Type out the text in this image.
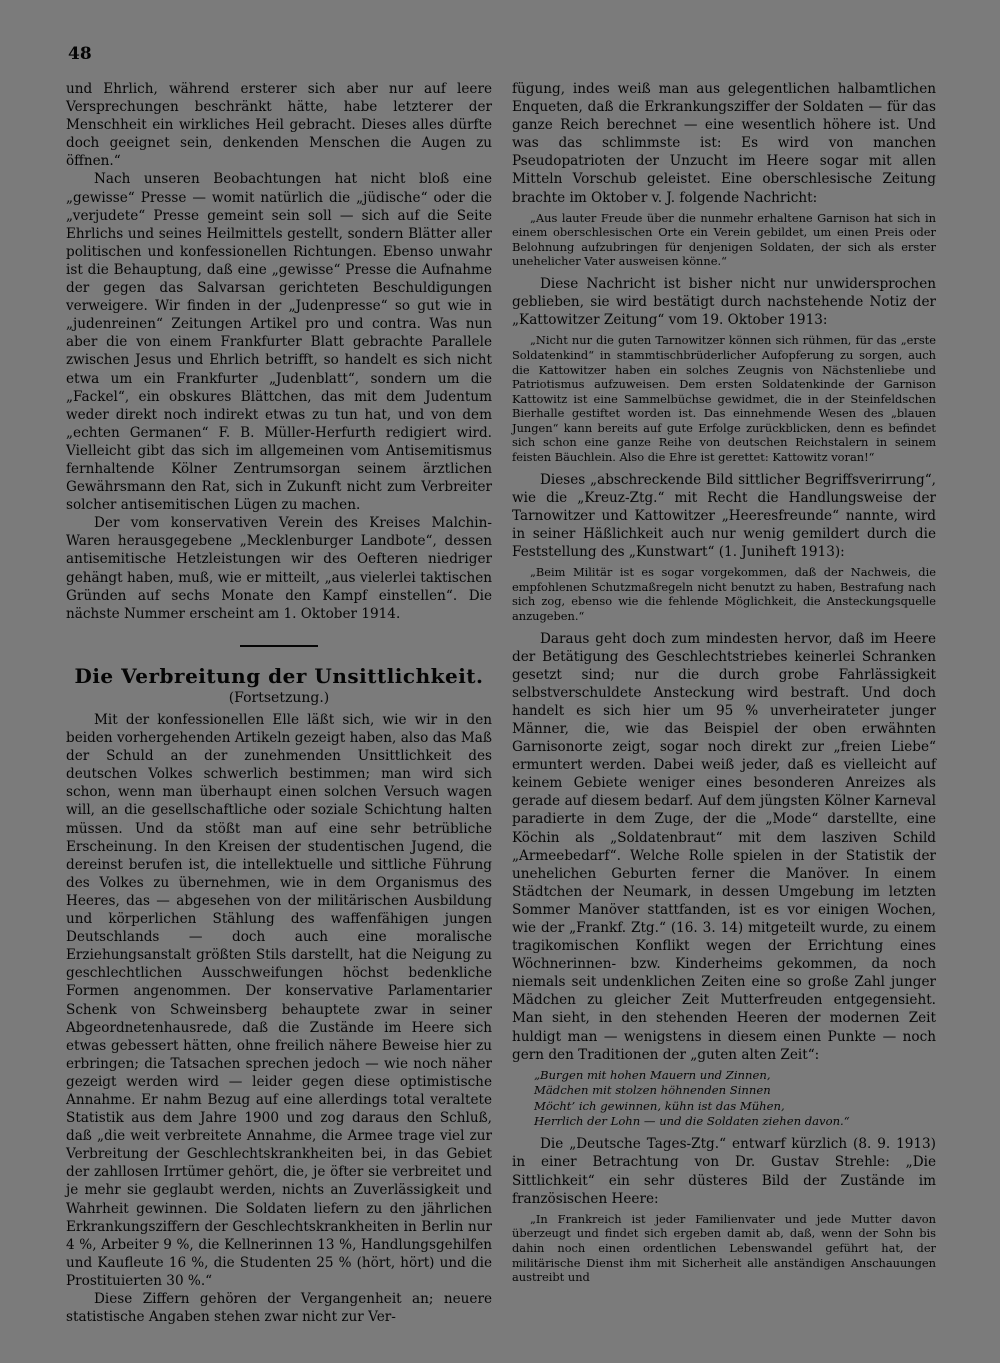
48

und Ehrlich, während ersterer sich aber nur auf leere Versprechungen beschränkt hätte, habe letzterer der Menschheit ein wirkliches Heil gebracht. Dieses alles dürfte doch geeignet sein, denkenden Menschen die Augen zu öffnen.“

Nach unseren Beobachtungen hat nicht bloß eine „gewisse“ Presse — womit natürlich die „jüdische“ oder die „verjudete“ Presse gemeint sein soll — sich auf die Seite Ehrlichs und seines Heilmittels gestellt, sondern Blätter aller politischen und konfessionellen Richtungen. Ebenso unwahr ist die Behauptung, daß eine „gewisse“ Presse die Aufnahme der gegen das Salvarsan gerichteten Beschuldigungen verweigere. Wir finden in der „Judenpresse“ so gut wie in „judenreinen“ Zeitungen Artikel pro und contra. Was nun aber die von einem Frankfurter Blatt gebrachte Parallele zwischen Jesus und Ehrlich betrifft, so handelt es sich nicht etwa um ein Frankfurter „Judenblatt“, sondern um die „Fackel“, ein obskures Blättchen, das mit dem Judentum weder direkt noch indirekt etwas zu tun hat, und von dem „echten Germanen“ F. B. Müller-Herfurth redigiert wird. Vielleicht gibt das sich im allgemeinen vom Antisemitismus fernhaltende Kölner Zentrumsorgan seinem ärztlichen Gewährsmann den Rat, sich in Zukunft nicht zum Verbreiter solcher antisemitischen Lügen zu machen.

Der vom konservativen Verein des Kreises Malchin-Waren herausgegebene „Mecklenburger Landbote“, dessen antisemitische Hetzleistungen wir des Oefteren niedriger gehängt haben, muß, wie er mitteilt, „aus vielerlei taktischen Gründen auf sechs Monate den Kampf einstellen“. Die nächste Nummer erscheint am 1. Oktober 1914.

Die Verbreitung der Unsittlichkeit.
(Fortsetzung.)

Mit der konfessionellen Elle läßt sich, wie wir in den beiden vorhergehenden Artikeln gezeigt haben, also das Maß der Schuld an der zunehmenden Unsittlichkeit des deutschen Volkes schwerlich bestimmen; man wird sich schon, wenn man überhaupt einen solchen Versuch wagen will, an die gesellschaftliche oder soziale Schichtung halten müssen. Und da stößt man auf eine sehr betrübliche Erscheinung. In den Kreisen der studentischen Jugend, die dereinst berufen ist, die intellektuelle und sittliche Führung des Volkes zu übernehmen, wie in dem Organismus des Heeres, das — abgesehen von der militärischen Ausbildung und körperlichen Stählung des waffenfähigen jungen Deutschlands — doch auch eine moralische Erziehungsanstalt größten Stils darstellt, hat die Neigung zu geschlechtlichen Ausschweifungen höchst bedenkliche Formen angenommen. Der konservative Parlamentarier Schenk von Schweinsberg behauptete zwar in seiner Abgeordnetenhausrede, daß die Zustände im Heere sich etwas gebessert hätten, ohne freilich nähere Beweise hier zu erbringen; die Tatsachen sprechen jedoch — wie noch näher gezeigt werden wird — leider gegen diese optimistische Annahme. Er nahm Bezug auf eine allerdings total veraltete Statistik aus dem Jahre 1900 und zog daraus den Schluß, daß „die weit verbreitete Annahme, die Armee trage viel zur Verbreitung der Geschlechtskrankheiten bei, in das Gebiet der zahllosen Irrtümer gehört, die, je öfter sie verbreitet und je mehr sie geglaubt werden, nichts an Zuverlässigkeit und Wahrheit gewinnen. Die Soldaten liefern zu den jährlichen Erkrankungsziffern der Geschlechtskrankheiten in Berlin nur 4 %, Arbeiter 9 %, die Kellnerinnen 13 %, Handlungsgehilfen und Kaufleute 16 %, die Studenten 25 % (hört, hört) und die Prostituierten 30 %.“

Diese Ziffern gehören der Vergangenheit an; neuere statistische Angaben stehen zwar nicht zur Ver-

fügung, indes weiß man aus gelegentlichen halbamtlichen Enqueten, daß die Erkrankungsziffer der Soldaten — für das ganze Reich berechnet — eine wesentlich höhere ist. Und was das schlimmste ist: Es wird von manchen Pseudopatrioten der Unzucht im Heere sogar mit allen Mitteln Vorschub geleistet. Eine oberschlesische Zeitung brachte im Oktober v. J. folgende Nachricht:

„Aus lauter Freude über die nunmehr erhaltene Garnison hat sich in einem oberschlesischen Orte ein Verein gebildet, um einen Preis oder Belohnung aufzubringen für denjenigen Soldaten, der sich als erster unehelicher Vater ausweisen könne.“

Diese Nachricht ist bisher nicht nur unwidersprochen geblieben, sie wird bestätigt durch nachstehende Notiz der „Kattowitzer Zeitung“ vom 19. Oktober 1913:

„Nicht nur die guten Tarnowitzer können sich rühmen, für das „erste Soldatenkind“ in stammtischbrüderlicher Aufopferung zu sorgen, auch die Kattowitzer haben ein solches Zeugnis von Nächstenliebe und Patriotismus aufzuweisen. Dem ersten Soldatenkinde der Garnison Kattowitz ist eine Sammelbüchse gewidmet, die in der Steinfeldschen Bierhalle gestiftet worden ist. Das einnehmende Wesen des „blauen Jungen“ kann bereits auf gute Erfolge zurückblicken, denn es befindet sich schon eine ganze Reihe von deutschen Reichstalern in seinem feisten Bäuchlein. Also die Ehre ist gerettet: Kattowitz voran!“

Dieses „abschreckende Bild sittlicher Begriffsverirrung“, wie die „Kreuz-Ztg.“ mit Recht die Handlungsweise der Tarnowitzer und Kattowitzer „Heeresfreunde“ nannte, wird in seiner Häßlichkeit auch nur wenig gemildert durch die Feststellung des „Kunstwart“ (1. Juniheft 1913):

„Beim Militär ist es sogar vorgekommen, daß der Nachweis, die empfohlenen Schutzmaßregeln nicht benutzt zu haben, Bestrafung nach sich zog, ebenso wie die fehlende Möglichkeit, die Ansteckungsquelle anzugeben.“

Daraus geht doch zum mindesten hervor, daß im Heere der Betätigung des Geschlechtstriebes keinerlei Schranken gesetzt sind; nur die durch grobe Fahrlässigkeit selbstverschuldete Ansteckung wird bestraft. Und doch handelt es sich hier um 95 % unverheirateter junger Männer, die, wie das Beispiel der oben erwähnten Garnisonorte zeigt, sogar noch direkt zur „freien Liebe“ ermuntert werden. Dabei weiß jeder, daß es vielleicht auf keinem Gebiete weniger eines besonderen Anreizes als gerade auf diesem bedarf. Auf dem jüngsten Kölner Karneval paradierte in dem Zuge, der die „Mode“ darstellte, eine Köchin als „Soldatenbraut“ mit dem lasziven Schild „Armeebedarf“. Welche Rolle spielen in der Statistik der unehelichen Geburten ferner die Manöver. In einem Städtchen der Neumark, in dessen Umgebung im letzten Sommer Manöver stattfanden, ist es vor einigen Wochen, wie der „Frankf. Ztg.“ (16. 3. 14) mitgeteilt wurde, zu einem tragikomischen Konflikt wegen der Errichtung eines Wöchnerinnen- bzw. Kinderheims gekommen, da noch niemals seit undenklichen Zeiten eine so große Zahl junger Mädchen zu gleicher Zeit Mutterfreuden entgegensieht. Man sieht, in den stehenden Heeren der modernen Zeit huldigt man — wenigstens in diesem einen Punkte — noch gern den Traditionen der „guten alten Zeit“:

„Burgen mit hohen Mauern und Zinnen,
Mädchen mit stolzen höhnenden Sinnen
Möcht’ ich gewinnen, kühn ist das Mühen,
Herrlich der Lohn — und die Soldaten ziehen davon.“

Die „Deutsche Tages-Ztg.“ entwarf kürzlich (8. 9. 1913) in einer Betrachtung von Dr. Gustav Strehle: „Die Sittlichkeit“ ein sehr düsteres Bild der Zustände im französischen Heere:

„In Frankreich ist jeder Familienvater und jede Mutter davon überzeugt und findet sich ergeben damit ab, daß, wenn der Sohn bis dahin noch einen ordentlichen Lebenswandel geführt hat, der militärische Dienst ihm mit Sicherheit alle anständigen Anschauungen austreibt und
